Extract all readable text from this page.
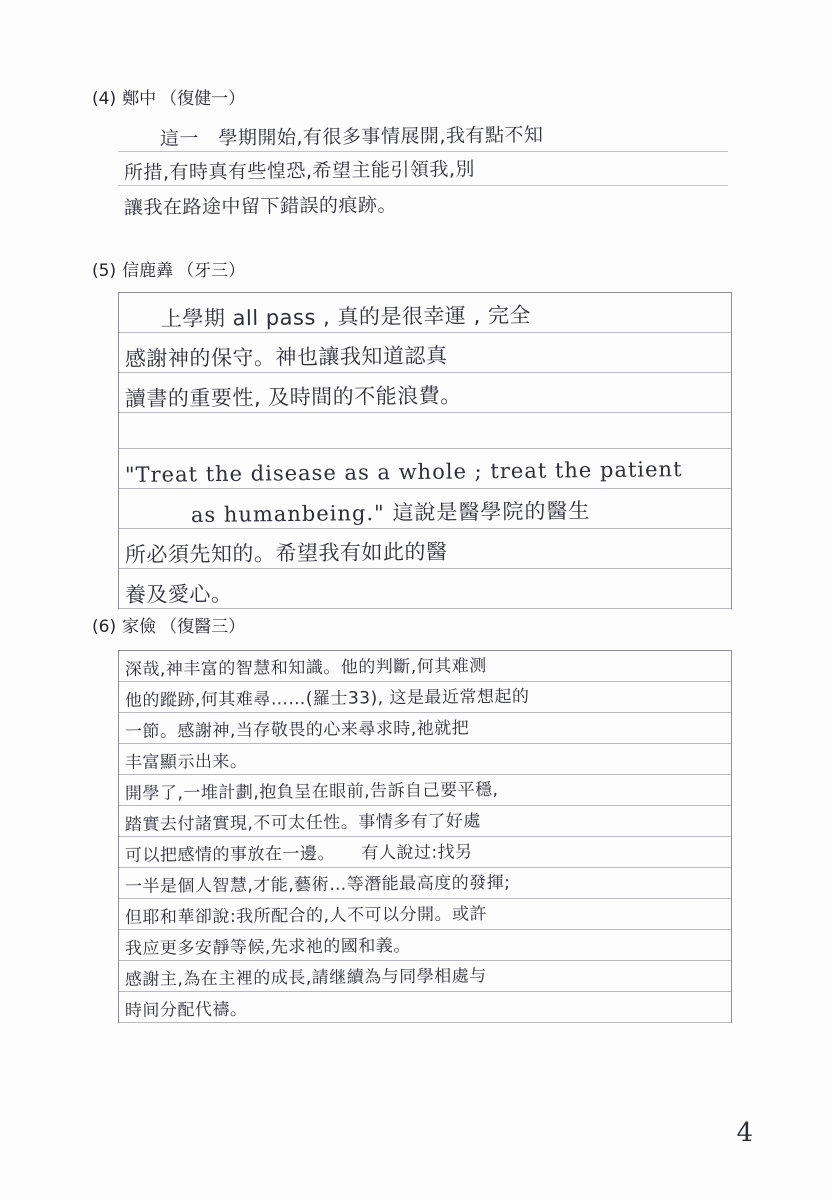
(4) 鄭中 （復健一）
這一　學期開始,有很多事情展開,我有點不知
所措,有時真有些惶恐,希望主能引領我,別
讓我在路途中留下錯誤的痕跡。
(5) 信鹿羴 （牙三）
上學期 all pass , 真的是很幸運 , 完全
感謝神的保守。神也讓我知道認真
讀書的重要性, 及時間的不能浪費。
"Treat the disease as a whole ; treat the patient
as humanbeing." 這說是醫學院的醫生
所必須先知的。希望我有如此的醫
養及愛心。
(6) 家儉 （復醫三）
深哉,神丰富的智慧和知識。他的判斷,何其难测
他的蹤跡,何其难尋……(羅士33), 这是最近常想起的
一節。感謝神,当存敬畏的心来尋求時,祂就把
丰富顯示出来。
開學了,一堆計劃,抱負呈在眼前,告訴自己要平穩,
踏實去付諸實現,不可太任性。事情多有了好處
可以把感情的事放在一邊。　　有人說过:找另
一半是個人智慧,才能,藝術…等潛能最高度的發揮;
但耶和華卻說:我所配合的,人不可以分開。或許
我应更多安靜等候,先求祂的國和義。
感謝主,為在主裡的成長,請继續為与同學相處与
時间分配代禱。
4
